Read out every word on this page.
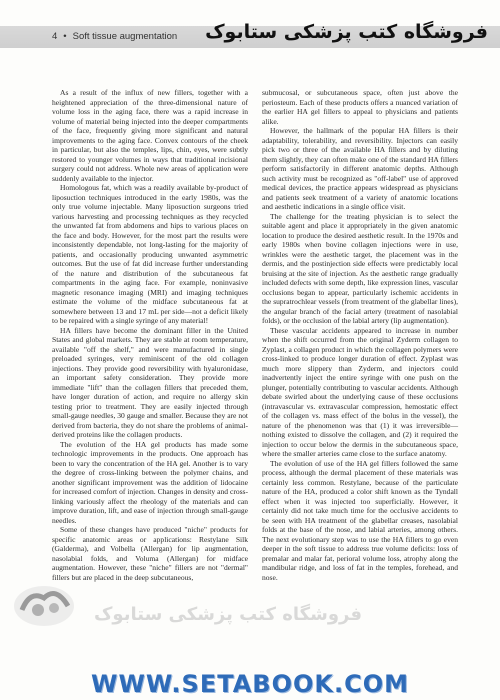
4 • Soft tissue augmentation فروشگاه کتب پزشکی ستابوک

As a result of the influx of new fillers, together with a heightened appreciation of the three-dimensional nature of volume loss in the aging face, there was a rapid increase in volume of material being injected into the deeper compartments of the face, frequently giving more significant and natural improvements to the aging face. Convex contours of the cheek in particular, but also the temples, lips, chin, eyes, were subtly restored to younger volumes in ways that traditional incisional surgery could not address. Whole new areas of application were suddenly available to the injector.

Homologous fat, which was a readily available by-product of liposuction techniques introduced in the early 1980s, was the only true volume injectable. Many liposuction surgeons tried various harvesting and processing techniques as they recycled the unwanted fat from abdomens and hips to various places on the face and body. However, for the most part the results were inconsistently dependable, not long-lasting for the majority of patients, and occasionally producing unwanted asymmetric outcomes. But the use of fat did increase further understanding of the nature and distribution of the subcutaneous fat compartments in the aging face. For example, noninvasive magnetic resonance imaging (MRI) and imaging techniques estimate the volume of the midface subcutaneous fat at somewhere between 13 and 17 mL per side—not a deficit likely to be repaired with a single syringe of any material!

HA fillers have become the dominant filler in the United States and global markets. They are stable at room temperature, available "off the shelf," and were manufactured in single preloaded syringes, very reminiscent of the old collagen injections. They provide good reversibility with hyaluronidase, an important safety consideration. They provide more immediate "lift" than the collagen fillers that preceded them, have longer duration of action, and require no allergy skin testing prior to treatment. They are easily injected through small-gauge needles, 30 gauge and smaller. Because they are not derived from bacteria, they do not share the problems of animal-derived proteins like the collagen products.

The evolution of the HA gel products has made some technologic improvements in the products. One approach has been to vary the concentration of the HA gel. Another is to vary the degree of cross-linking between the polymer chains, and another significant improvement was the addition of lidocaine for increased comfort of injection. Changes in density and cross-linking variously affect the rheology of the materials and can improve duration, lift, and ease of injection through small-gauge needles.

Some of these changes have produced "niche" products for specific anatomic areas or applications: Restylane Silk (Galderma), and Volbella (Allergan) for lip augmentation, nasolabial folds, and Voluma (Allergan) for midface augmentation. However, these "niche" fillers are not "dermal" fillers but are placed in the deep subcutaneous,

submucosal, or subcutaneous space, often just above the periosteum. Each of these products offers a nuanced variation of the earlier HA gel fillers to appeal to physicians and patients alike.

However, the hallmark of the popular HA fillers is their adaptability, tolerability, and reversibility. Injectors can easily pick two or three of the available HA fillers and by diluting them slightly, they can often make one of the standard HA fillers perform satisfactorily in different anatomic depths. Although such activity must be recognized as "off-label" use of approved medical devices, the practice appears widespread as physicians and patients seek treatment of a variety of anatomic locations and aesthetic indications in a single office visit.

The challenge for the treating physician is to select the suitable agent and place it appropriately in the given anatomic location to produce the desired aesthetic result. In the 1970s and early 1980s when bovine collagen injections were in use, wrinkles were the aesthetic target, the placement was in the dermis, and the postinjection side effects were predictably local bruising at the site of injection. As the aesthetic range gradually included defects with some depth, like expression lines, vascular occlusions began to appear, particularly ischemic accidents in the supratrochlear vessels (from treatment of the glabellar lines), the angular branch of the facial artery (treatment of nasolabial folds), or the occlusion of the labial artery (lip augmentation).

These vascular accidents appeared to increase in number when the shift occurred from the original Zyderm collagen to Zyplast, a collagen product in which the collagen polymers were cross-linked to produce longer duration of effect. Zyplast was much more slippery than Zyderm, and injectors could inadvertently inject the entire syringe with one push on the plunger, potentially contributing to vascular accidents. Although debate swirled about the underlying cause of these occlusions (intravascular vs. extravascular compression, hemostatic effect of the collagen vs. mass effect of the bolus in the vessel), the nature of the phenomenon was that (1) it was irreversible—nothing existed to dissolve the collagen, and (2) it required the injection to occur below the dermis in the subcutaneous space, where the smaller arteries came close to the surface anatomy.

The evolution of use of the HA gel fillers followed the same process, although the dermal placement of these materials was certainly less common. Restylane, because of the particulate nature of the HA, produced a color shift known as the Tyndall effect when it was injected too superficially. However, it certainly did not take much time for the occlusive accidents to be seen with HA treatment of the glabellar creases, nasolabial folds at the base of the nose, and labial arteries, among others. The next evolutionary step was to use the HA fillers to go even deeper in the soft tissue to address true volume deficits: loss of premalar and malar fat, perioral volume loss, atrophy along the mandibular ridge, and loss of fat in the temples, forehead, and nose.

فروشگاه کتب پزشکی ستابوک
WWW.SETABOOK.COM
